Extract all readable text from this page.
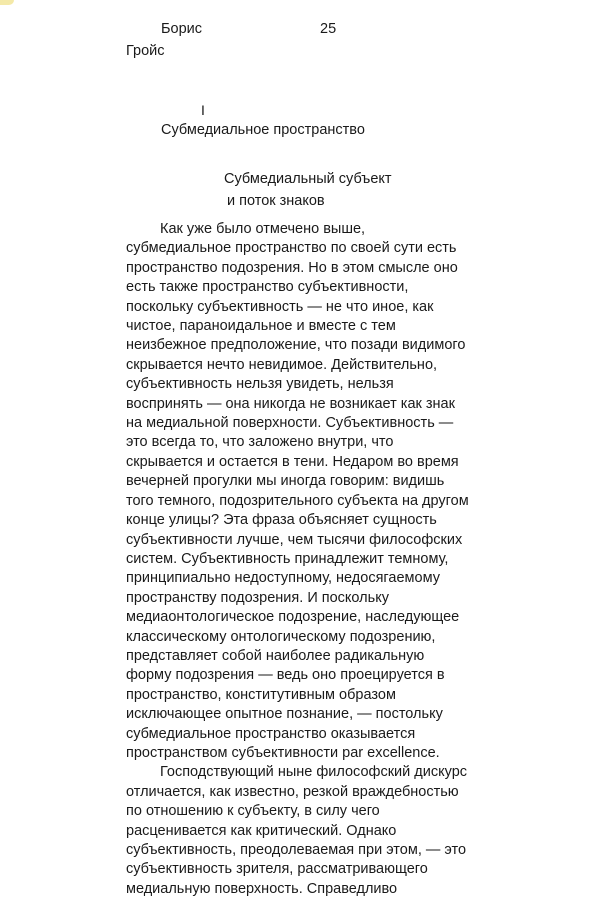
Борис
Гройс
25
I
Субмедиальное пространство
Субмедиальный субъект
и поток знаков

Как уже было отмечено выше, субмедиальное пространство по своей сути есть пространство подозрения. Но в этом смысле оно есть также пространство субъективности, поскольку субъективность — не что иное, как чистое, параноидальное и вместе с тем неизбежное предположение, что позади видимого скрывается нечто невидимое. Действительно, субъективность нельзя увидеть, нельзя воспринять — она никогда не возникает как знак на медиальной поверхности. Субъективность — это всегда то, что заложено внутри, что скрывается и остается в тени. Недаром во время вечерней прогулки мы иногда говорим: видишь того темного, подозрительного субъекта на другом конце улицы? Эта фраза объясняет сущность субъективности лучше, чем тысячи философских систем. Субъективность принадлежит темному, принципиально недоступному, недосягаемому пространству подозрения. И поскольку медиаонтологическое подозрение, наследующее классическому онтологическому подозрению, представляет собой наиболее радикальную форму подозрения — ведь оно проецируется в пространство, конститутивным образом исключающее опытное познание, — постольку субмедиальное пространство оказывается пространством субъективности par excellence.

Господствующий ныне философский дискурс отличается, как известно, резкой враждебностью по отношению к субъекту, в силу чего расценивается как критический. Однако субъективность, преодолеваемая при этом, — это субъективность зрителя, рассматривающего медиальную поверхность. Справедливо
